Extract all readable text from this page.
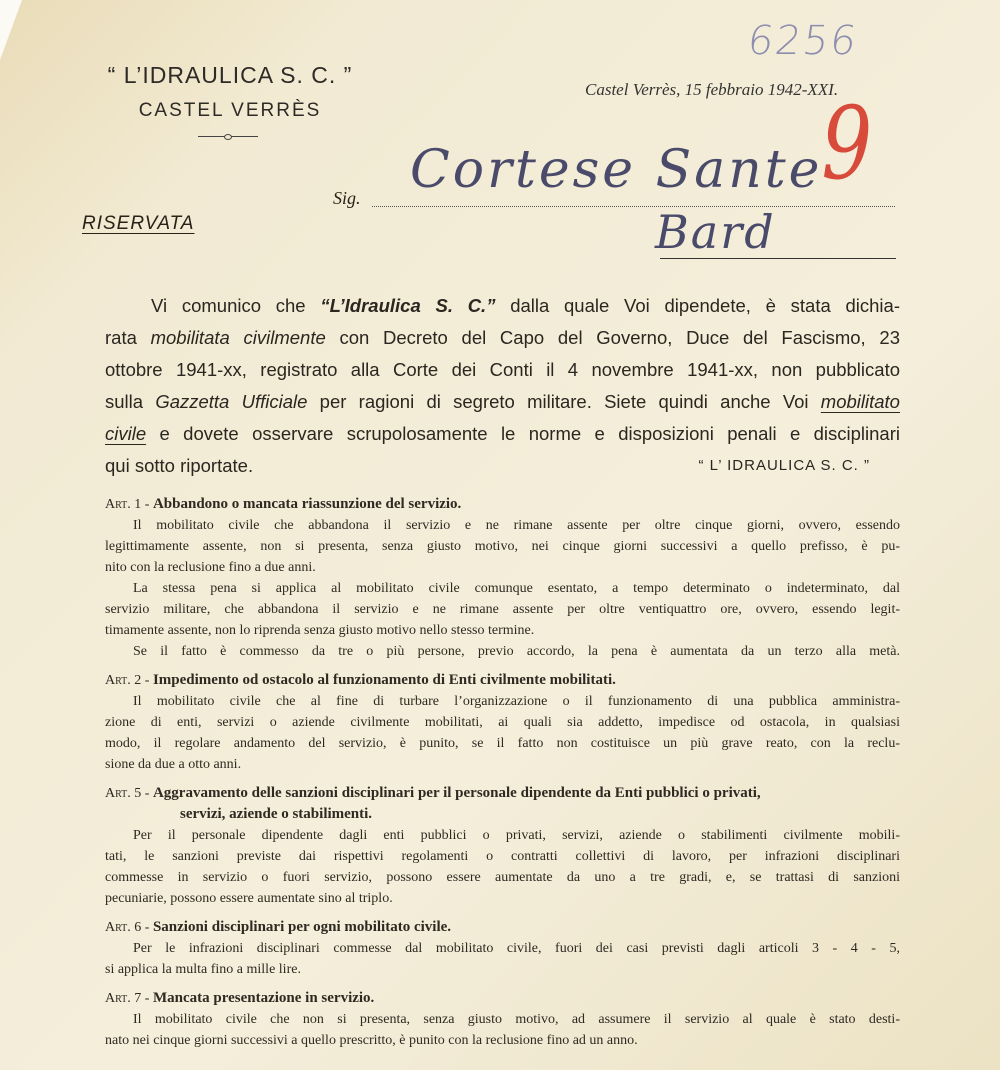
“ L’IDRAULICA S. C. ”
CASTEL VERRÈS
Castel Verrès, 15 febbraio 1942-XXI.
6256
9
Sig. Cortese Sante
Bard
RISERVATA
Vi comunico che “L’Idraulica S. C.” dalla quale Voi dipendete, è stata dichia-
rata mobilitata civilmente con Decreto del Capo del Governo, Duce del Fascismo, 23
ottobre 1941-xx, registrato alla Corte dei Conti il 4 novembre 1941-xx, non pubblicato
sulla Gazzetta Ufficiale per ragioni di segreto militare. Siete quindi anche Voi mobilitato
civile e dovete osservare scrupolosamente le norme e disposizioni penali e disciplinari
qui sotto riportate.	“ L’ IDRAULICA S. C. ”
Art. 1 - Abbandono o mancata riassunzione del servizio.
Il mobilitato civile che abbandona il servizio e ne rimane assente per oltre cinque giorni, ovvero, essendo
legittimamente assente, non si presenta, senza giusto motivo, nei cinque giorni successivi a quello prefisso, è pu-
nito con la reclusione fino a due anni.
La stessa pena si applica al mobilitato civile comunque esentato, a tempo determinato o indeterminato, dal
servizio militare, che abbandona il servizio e ne rimane assente per oltre ventiquattro ore, ovvero, essendo legit-
timamente assente, non lo riprenda senza giusto motivo nello stesso termine.
Se il fatto è commesso da tre o più persone, previo accordo, la pena è aumentata da un terzo alla metà.
Art. 2 - Impedimento od ostacolo al funzionamento di Enti civilmente mobilitati.
Il mobilitato civile che al fine di turbare l’organizzazione o il funzionamento di una pubblica amministra-
zione di enti, servizi o aziende civilmente mobilitati, ai quali sia addetto, impedisce od ostacola, in qualsiasi
modo, il regolare andamento del servizio, è punito, se il fatto non costituisce un più grave reato, con la reclu-
sione da due a otto anni.
Art. 5 - Aggravamento delle sanzioni disciplinari per il personale dipendente da Enti pubblici o privati,
servizi, aziende o stabilimenti.
Per il personale dipendente dagli enti pubblici o privati, servizi, aziende o stabilimenti civilmente mobili-
tati, le sanzioni previste dai rispettivi regolamenti o contratti collettivi di lavoro, per infrazioni disciplinari
commesse in servizio o fuori servizio, possono essere aumentate da uno a tre gradi, e, se trattasi di sanzioni
pecuniarie, possono essere aumentate sino al triplo.
Art. 6 - Sanzioni disciplinari per ogni mobilitato civile.
Per le infrazioni disciplinari commesse dal mobilitato civile, fuori dei casi previsti dagli articoli 3 - 4 - 5,
si applica la multa fino a mille lire.
Art. 7 - Mancata presentazione in servizio.
Il mobilitato civile che non si presenta, senza giusto motivo, ad assumere il servizio al quale è stato desti-
nato nei cinque giorni successivi a quello prescritto, è punito con la reclusione fino ad un anno.
